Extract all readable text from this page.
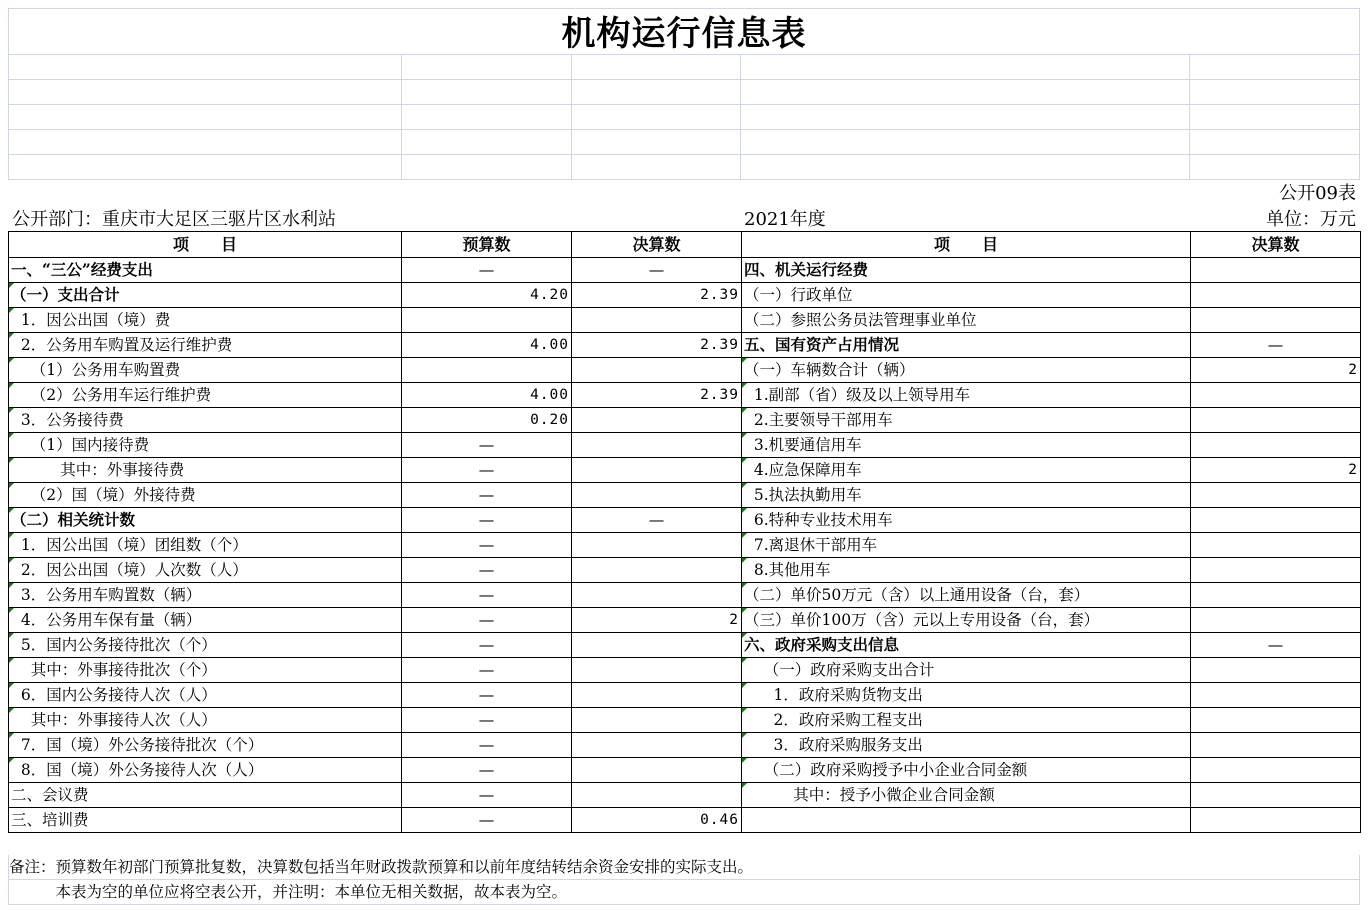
机构运行信息表

公开09表
公开部门：重庆市大足区三驱片区水利站	2021年度	单位：万元
项　　目	预算数	决算数	项　　目	决算数
一、“三公”经费支出	—	—	四、机关运行经费	
（一）支出合计	4.20	2.39	（一）行政单位	
1．因公出国（境）费			（二）参照公务员法管理事业单位	
2．公务用车购置及运行维护费	4.00	2.39	五、国有资产占用情况	—
（1）公务用车购置费			（一）车辆数合计（辆）	2
（2）公务用车运行维护费	4.00	2.39	1.副部（省）级及以上领导用车	
3．公务接待费	0.20		2.主要领导干部用车	
（1）国内接待费	—		3.机要通信用车	
其中：外事接待费	—		4.应急保障用车	2
（2）国（境）外接待费	—		5.执法执勤用车	
（二）相关统计数	—	—	6.特种专业技术用车	
1．因公出国（境）团组数（个）	—		7.离退休干部用车	
2．因公出国（境）人次数（人）	—		8.其他用车	
3．公务用车购置数（辆）	—		（二）单价50万元（含）以上通用设备（台，套）	
4．公务用车保有量（辆）	—	2	（三）单价100万（含）元以上专用设备（台，套）	
5．国内公务接待批次（个）	—		六、政府采购支出信息	—
其中：外事接待批次（个）	—		（一）政府采购支出合计	
6．国内公务接待人次（人）	—		1．政府采购货物支出	
其中：外事接待人次（人）	—		2．政府采购工程支出	
7．国（境）外公务接待批次（个）	—		3．政府采购服务支出	
8．国（境）外公务接待人次（人）	—		（二）政府采购授予中小企业合同金额	
二、会议费	—		其中：授予小微企业合同金额	
三、培训费	—	0.46		
备注：预算数年初部门预算批复数，决算数包括当年财政拨款预算和以前年度结转结余资金安排的实际支出。
　　　本表为空的单位应将空表公开，并注明：本单位无相关数据，故本表为空。
